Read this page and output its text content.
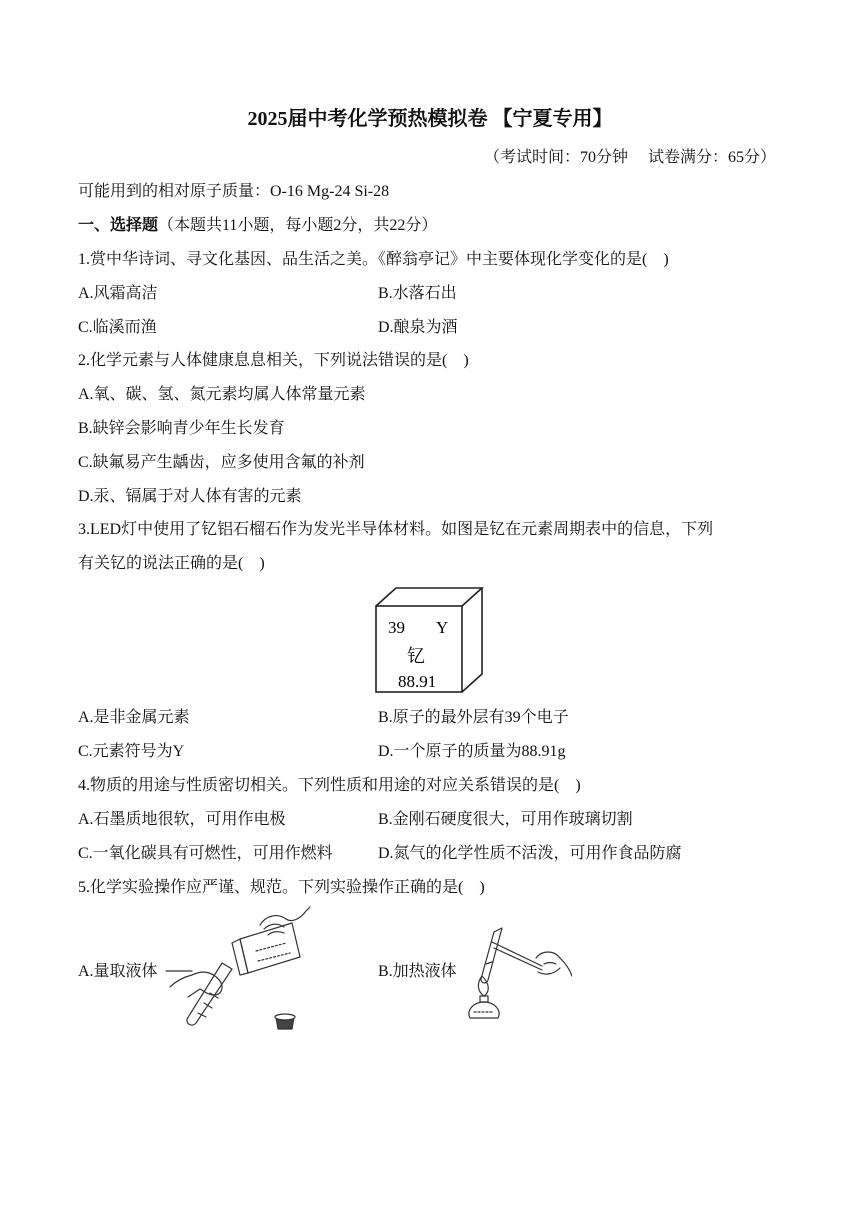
2025届中考化学预热模拟卷 【宁夏专用】
（考试时间：70分钟　 试卷满分：65分）
可能用到的相对原子质量：O-16 Mg-24 Si-28
一、选择题（本题共11小题，每小题2分，共22分）
1.赏中华诗词、寻文化基因、品生活之美。《醉翁亭记》中主要体现化学变化的是(　)
A.风霜高洁	B.水落石出
C.临溪而渔	D.酿泉为酒
2.化学元素与人体健康息息相关，下列说法错误的是(　)
A.氧、碳、氢、氮元素均属人体常量元素
B.缺锌会影响青少年生长发育
C.缺氟易产生龋齿，应多使用含氟的补剂
D.汞、镉属于对人体有害的元素
3.LED灯中使用了钇铝石榴石作为发光半导体材料。如图是钇在元素周期表中的信息，下列
有关钇的说法正确的是(　)
39 Y
钇
88.91
A.是非金属元素	B.原子的最外层有39个电子
C.元素符号为Y	D.一个原子的质量为88.91g
4.物质的用途与性质密切相关。下列性质和用途的对应关系错误的是(　)
A.石墨质地很软，可用作电极	B.金刚石硬度很大，可用作玻璃切割
C.一氧化碳具有可燃性，可用作燃料	D.氮气的化学性质不活泼，可用作食品防腐
5.化学实验操作应严谨、规范。下列实验操作正确的是(　)
A.量取液体	B.加热液体
